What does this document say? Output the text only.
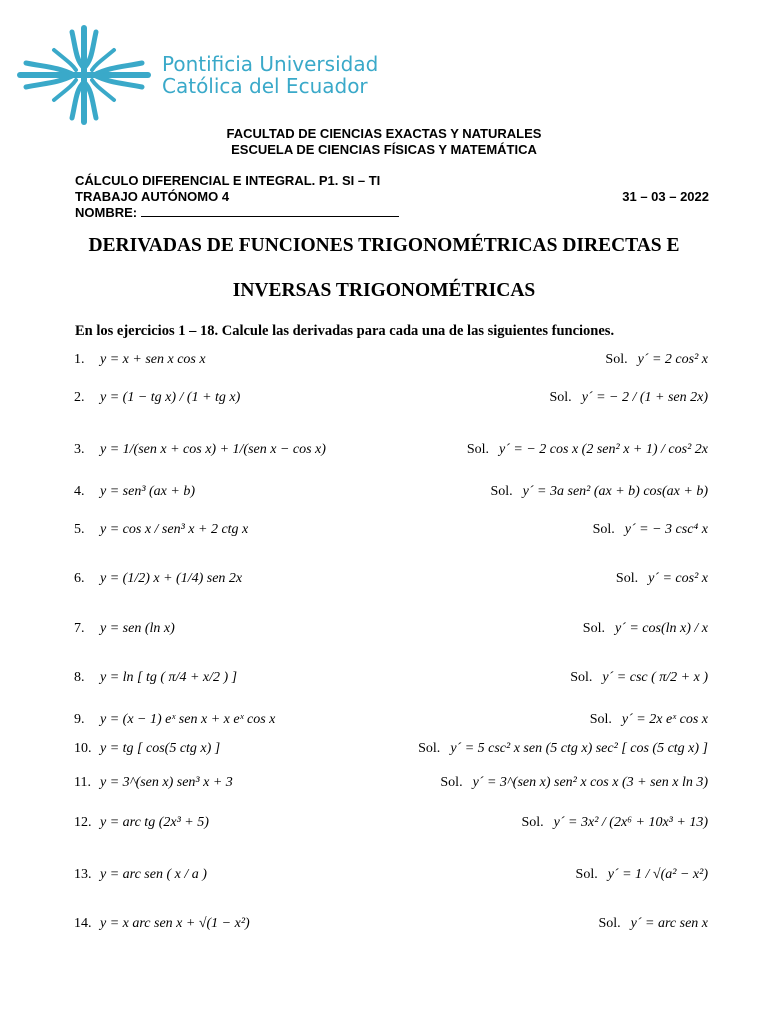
Pontificia Universidad
Católica del Ecuador
FACULTAD DE CIENCIAS EXACTAS Y NATURALES
ESCUELA DE CIENCIAS FÍSICAS Y MATEMÁTICA
CÁLCULO DIFERENCIAL E INTEGRAL. P1. SI – TI
TRABAJO AUTÓNOMO 4	31 – 03 – 2022
NOMBRE:
DERIVADAS DE FUNCIONES TRIGONOMÉTRICAS DIRECTAS E
INVERSAS TRIGONOMÉTRICAS
En los ejercicios 1 – 18. Calcule las derivadas para cada una de las siguientes funciones.
1. y = x + sen x cos x	Sol. y´ = 2 cos² x
2. y = (1 − tg x) / (1 + tg x)	Sol. y´ = − 2 / (1 + sen 2x)
3. y = 1/(sen x + cos x) + 1/(sen x − cos x)	Sol. y´ = − 2 cos x (2 sen² x + 1) / cos² 2x
4. y = sen³ (ax + b)	Sol. y´ = 3a sen² (ax + b) cos(ax + b)
5. y = cos x / sen³ x + 2 ctg x	Sol. y´ = − 3 csc⁴ x
6. y = (1/2) x + (1/4) sen 2x	Sol. y´ = cos² x
7. y = sen (ln x)	Sol. y´ = cos(ln x) / x
8. y = ln [ tg ( π/4 + x/2 ) ]	Sol. y´ = csc ( π/2 + x )
9. y = (x − 1) eˣ sen x + x eˣ cos x	Sol. y´ = 2x eˣ cos x
10. y = tg [ cos(5 ctg x) ]	Sol. y´ = 5 csc² x sen (5 ctg x) sec² [ cos (5 ctg x) ]
11. y = 3^(sen x) sen³ x + 3	Sol. y´ = 3^(sen x) sen² x cos x (3 + sen x ln 3)
12. y = arc tg (2x³ + 5)	Sol. y´ = 3x² / (2x⁶ + 10x³ + 13)
13. y = arc sen ( x / a )	Sol. y´ = 1 / √(a² − x²)
14. y = x arc sen x + √(1 − x²)	Sol. y´ = arc sen x
